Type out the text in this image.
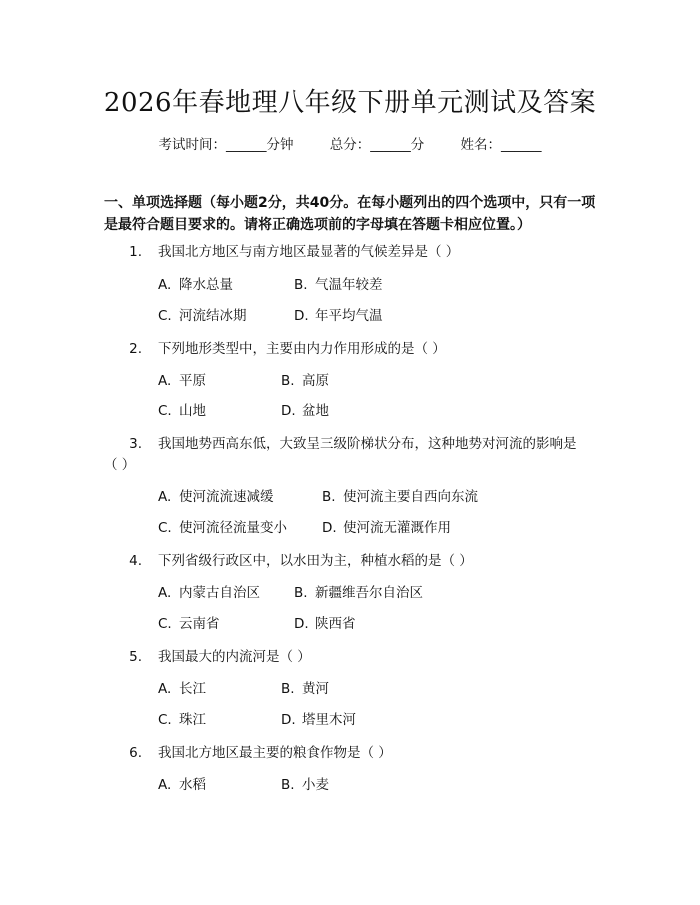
2026年春地理八年级下册单元测试及答案
考试时间：______分钟	总分：______分	姓名：______
一、单项选择题（每小题2分，共40分。在每小题列出的四个选项中，只有一项是最符合题目要求的。请将正确选项前的字母填在答题卡相应位置。）
1. 我国北方地区与南方地区最显著的气候差异是（ ）
A. 降水总量	B. 气温年较差
C. 河流结冰期	D. 年平均气温
2. 下列地形类型中，主要由内力作用形成的是（ ）
A. 平原	B. 高原
C. 山地	D. 盆地
3. 我国地势西高东低，大致呈三级阶梯状分布，这种地势对河流的影响是
（ ）
A. 使河流流速减缓	B. 使河流主要自西向东流
C. 使河流径流量变小	D. 使河流无灌溉作用
4. 下列省级行政区中，以水田为主，种植水稻的是（ ）
A. 内蒙古自治区	B. 新疆维吾尔自治区
C. 云南省	D. 陕西省
5. 我国最大的内流河是（ ）
A. 长江	B. 黄河
C. 珠江	D. 塔里木河
6. 我国北方地区最主要的粮食作物是（ ）
A. 水稻	B. 小麦
